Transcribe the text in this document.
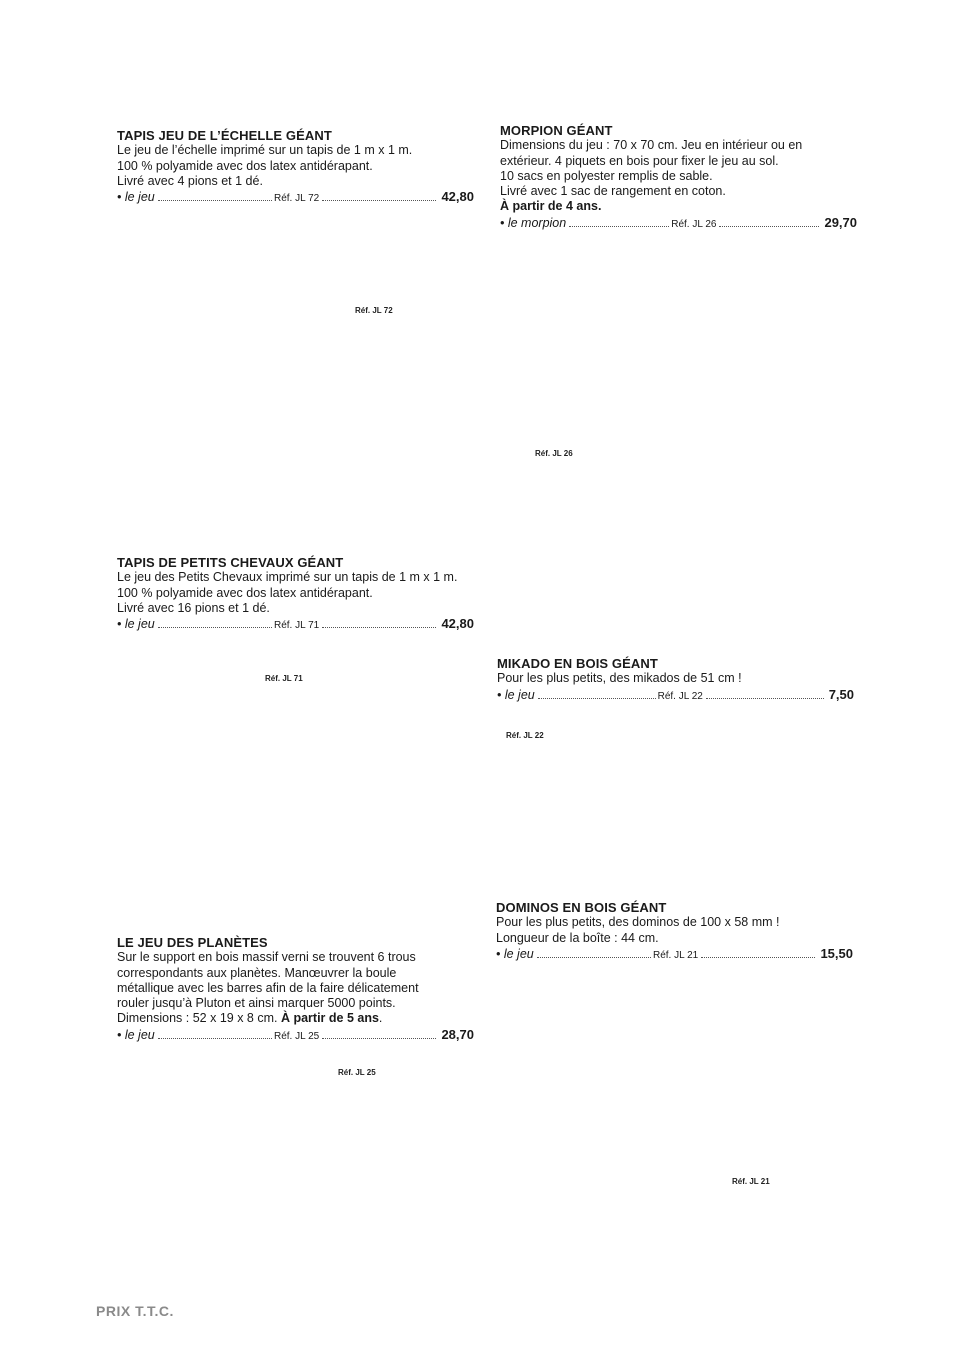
TAPIS JEU DE L’ÉCHELLE GÉANT

Le jeu de l’échelle imprimé sur un tapis de 1 m x 1 m.

100 % polyamide avec dos latex antidérapant.

Livré avec 4 pions et 1 dé.

• le jeu	Réf. JL 72	42,80

MORPION GÉANT

Dimensions du jeu : 70 x 70 cm. Jeu en intérieur ou en

extérieur. 4 piquets en bois pour fixer le jeu au sol.

10 sacs en polyester remplis de sable.

Livré avec 1 sac de rangement en coton.

À partir de 4 ans.

• le morpion	Réf. JL 26	29,70

TAPIS DE PETITS CHEVAUX GÉANT

Le jeu des Petits Chevaux imprimé sur un tapis de 1 m x 1 m.

100 % polyamide avec dos latex antidérapant.

Livré avec 16 pions et 1 dé.

• le jeu	Réf. JL 71	42,80

MIKADO EN BOIS GÉANT

Pour les plus petits, des mikados de 51 cm !

• le jeu	Réf. JL 22	7,50

DOMINOS EN BOIS GÉANT

Pour les plus petits, des dominos de 100 x 58 mm !

Longueur de la boîte : 44 cm.

• le jeu	Réf. JL 21	15,50

LE JEU DES PLANÈTES

Sur le support en bois massif verni se trouvent 6 trous

correspondants aux planètes. Manœuvrer la boule

métallique avec les barres afin de la faire délicatement

rouler jusqu’à Pluton et ainsi marquer 5000 points.

Dimensions : 52 x 19 x 8 cm. À partir de 5 ans.

• le jeu	Réf. JL 25	28,70
Réf. JL 72
Réf. JL 26
Réf. JL 71
Réf. JL 22
Réf. JL 25
Réf. JL 21
PRIX T.T.C.
